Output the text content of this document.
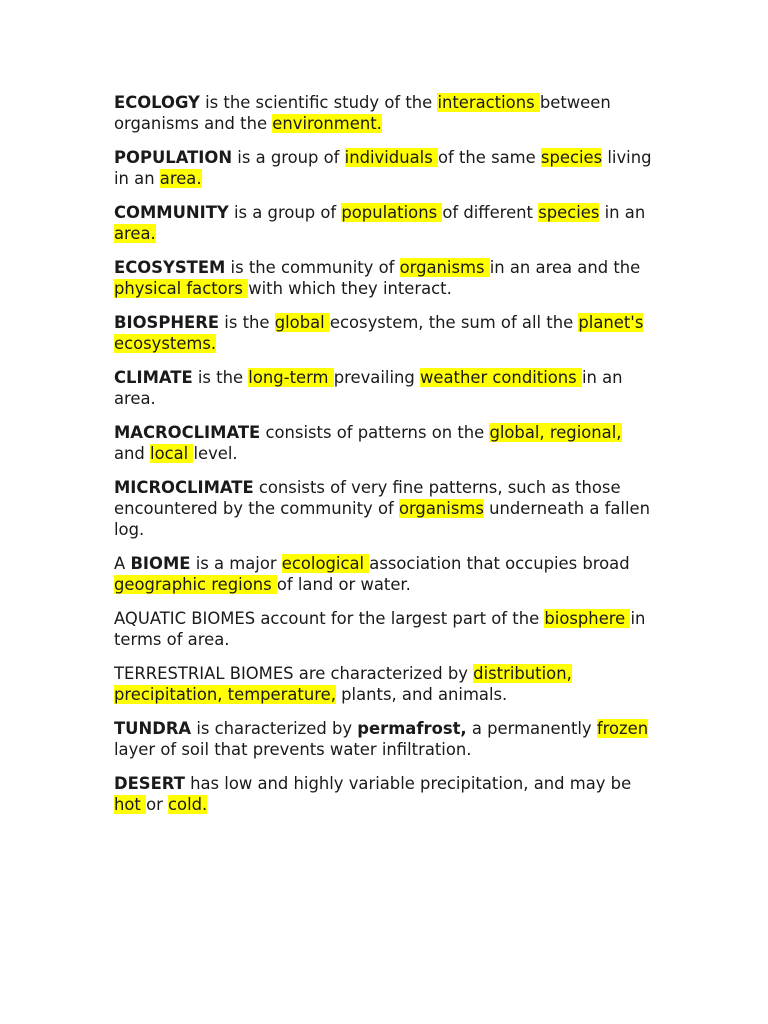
ECOLOGY is the scientific study of the interactions between organisms and the environment.

POPULATION is a group of individuals of the same species living in an area.

COMMUNITY is a group of populations of different species in an area.

ECOSYSTEM is the community of organisms in an area and the physical factors with which they interact.

BIOSPHERE is the global ecosystem, the sum of all the planet's ecosystems.

CLIMATE is the long-term prevailing weather conditions in an area.

MACROCLIMATE consists of patterns on the global, regional, and local level.

MICROCLIMATE consists of very fine patterns, such as those encountered by the community of organisms underneath a fallen log.

A BIOME is a major ecological association that occupies broad geographic regions of land or water.

AQUATIC BIOMES account for the largest part of the biosphere in terms of area.

TERRESTRIAL BIOMES are characterized by distribution, precipitation, temperature, plants, and animals.

TUNDRA is characterized by permafrost, a permanently frozen layer of soil that prevents water infiltration.

DESERT has low and highly variable precipitation, and may be hot or cold.
